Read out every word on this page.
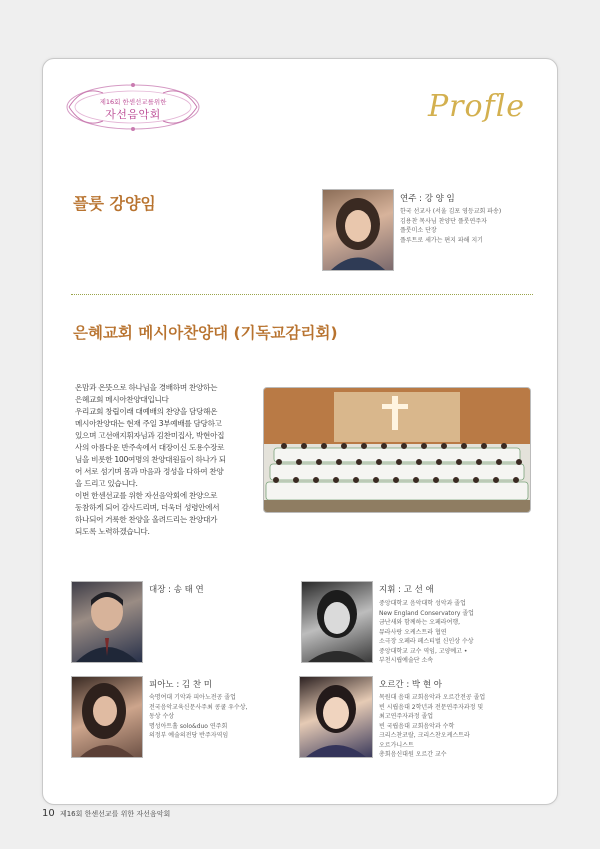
제16회 한센선교를위한
자선음악회	Profle
플룻 강양임	연주 : 강 양 임
한국 선교사 (서울 김포 영등교회 파송)
김용찬 목사님 찬양단 플룻연주자
플룻미소 단장
플루트로 세가는 편지 파해 지기
은혜교회 메시아찬양대 (기독교감리회)
온맘과 온뜻으로 하나님을 경배하며 찬양하는
은혜교회 메시아찬양대입니다
우리교회 창립이래 대예배의 찬양을 담당해온
메시아찬양대는 현재 주일 3부예배를 담당하고
있으며 고선애지휘자님과 김찬미집사, 박현아집
사의 아름다운 반주속에서 대장이신 도용수장로
님을 비롯한 100여명의 찬양대원들이 하나가 되
어 서로 섬기며 몸과 마음과 정성을 다하여 찬양
을 드리고 있습니다.
이번 한센선교를 위한 자선음악회에 찬양으로
동참하게 되어 감사드리며, 더욱더 성령안에서
하나되어 거룩한 찬양을 올려드리는 찬양대가
되도록 노력하겠습니다.
대장 : 송 태 연	지휘 : 고 선 애
중앙대학교 음악대학 성악과 졸업
New England Conservatory 졸업
금난새와 함께하는 오페라여행,
뮤라사랑 오케스트라 협연
소극장 오페라 페스티벌 신인상 수상
중앙대학교 교수 역임, 고양예고 •
부천시립예술단 소속
피아노 : 김 찬 미
숙명여대 기악과 피아노전공 졸업
전국음악교육신문사주최 콩쿨 우수상,
동상 수상
명성아트홀 solo&duo 연주회
의정부 예술의전당 반주자역임
오르간 : 박 현 아
목원대 음대 교회음악과 오르간전공 졸업
빈 시립음대 2학년과 전문연주자과정 및
최고연주자과정 졸업
빈 국립음대 교회음악과 수학
크리스찬코랄, 크리스찬오케스트라
오르가니스트
총회음신대원 오르간 교수
10 제16회 한센선교를 위한 자선음악회
